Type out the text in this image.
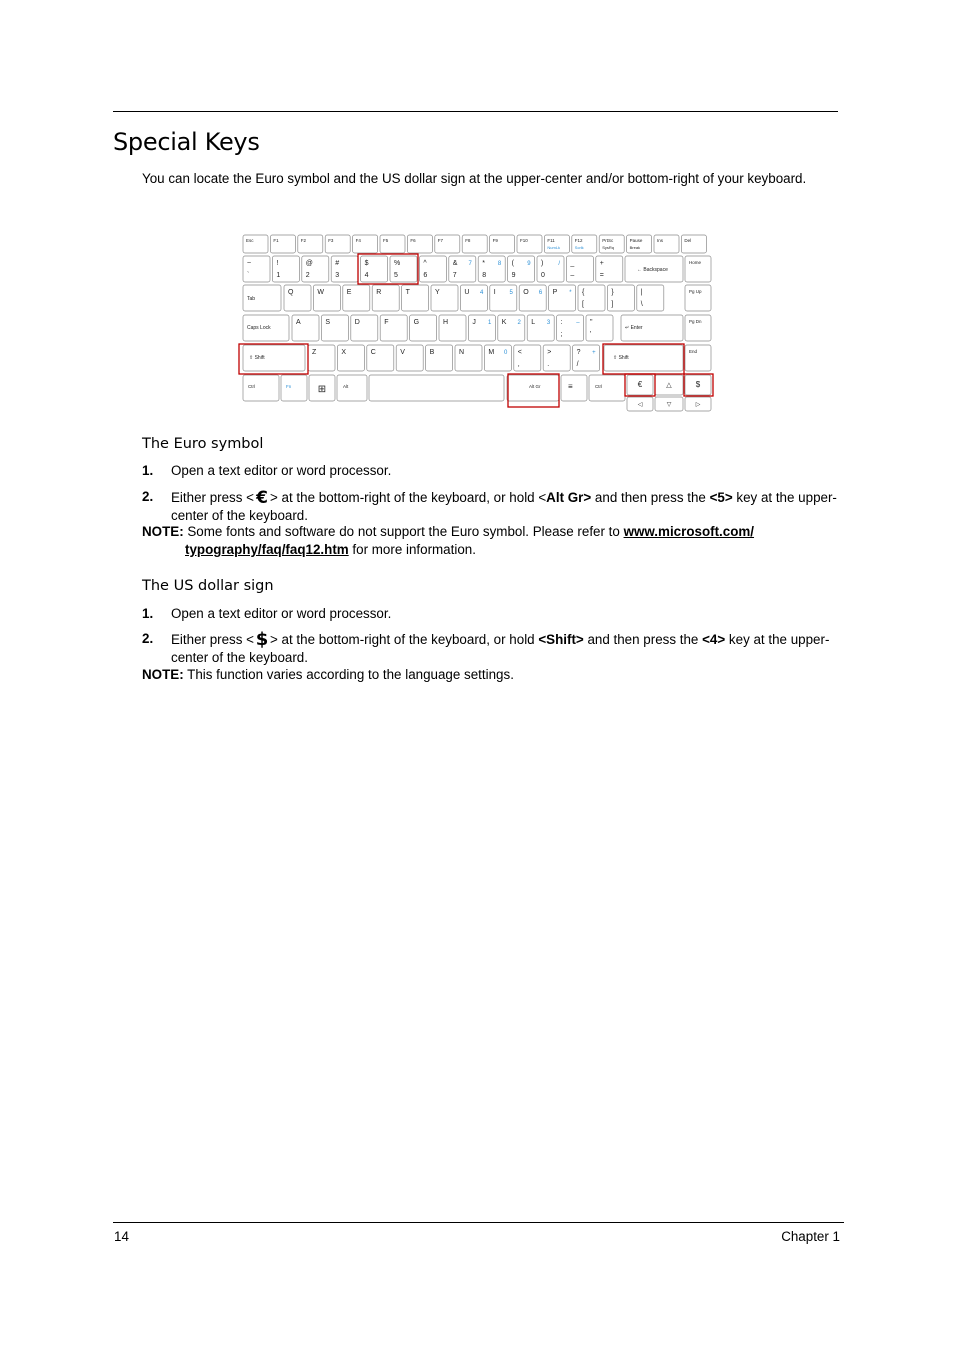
Special Keys

You can locate the Euro symbol and the US dollar sign at the upper-center and/or bottom-right of your keyboard.

Esc	F1	F2	F3	F4	F5	F6	F7	F8	F9	F10	F11
NumLk
F12
Scrlk
PrtSc
SysRq
Pause
Break
Ins	Del
~
`
!
1
@
2
#
3
$
4
%
5
^
6
&
7
7 *
8
8 (
9
9 )
0
/ _
–
+
=
← Backspace
Home
Tab
Q	W	E	R	T	Y	U 4 I 5 O 6 P * {
[
}
]
|
\
Pg Up
Caps Lock
A	S	D	F	G	H	J 1 K 2 L 3 :
;
– "
'
↵ Enter
Pg Dn
⇧ Shift
Z	X	C	V	B	N	M 0 <
,
>
.
?
/
+
⇧ Shift
End
Ctrl	Fn	⊞	Alt	Alt Gr	≡	Ctrl	€	△	$
◁	▽	▷
The Euro symbol
1. Open a text editor or word processor.
2. Either press < € > at the bottom-right of the keyboard, or hold <Alt Gr> and then press the <5> key at the upper-center of the keyboard.
NOTE: Some fonts and software do not support the Euro symbol. Please refer to www.microsoft.com/
typography/faq/faq12.htm for more information.
The US dollar sign
1. Open a text editor or word processor.
2. Either press < $ > at the bottom-right of the keyboard, or hold <Shift> and then press the <4> key at the upper-center of the keyboard.
NOTE: This function varies according to the language settings.
14	Chapter 1
